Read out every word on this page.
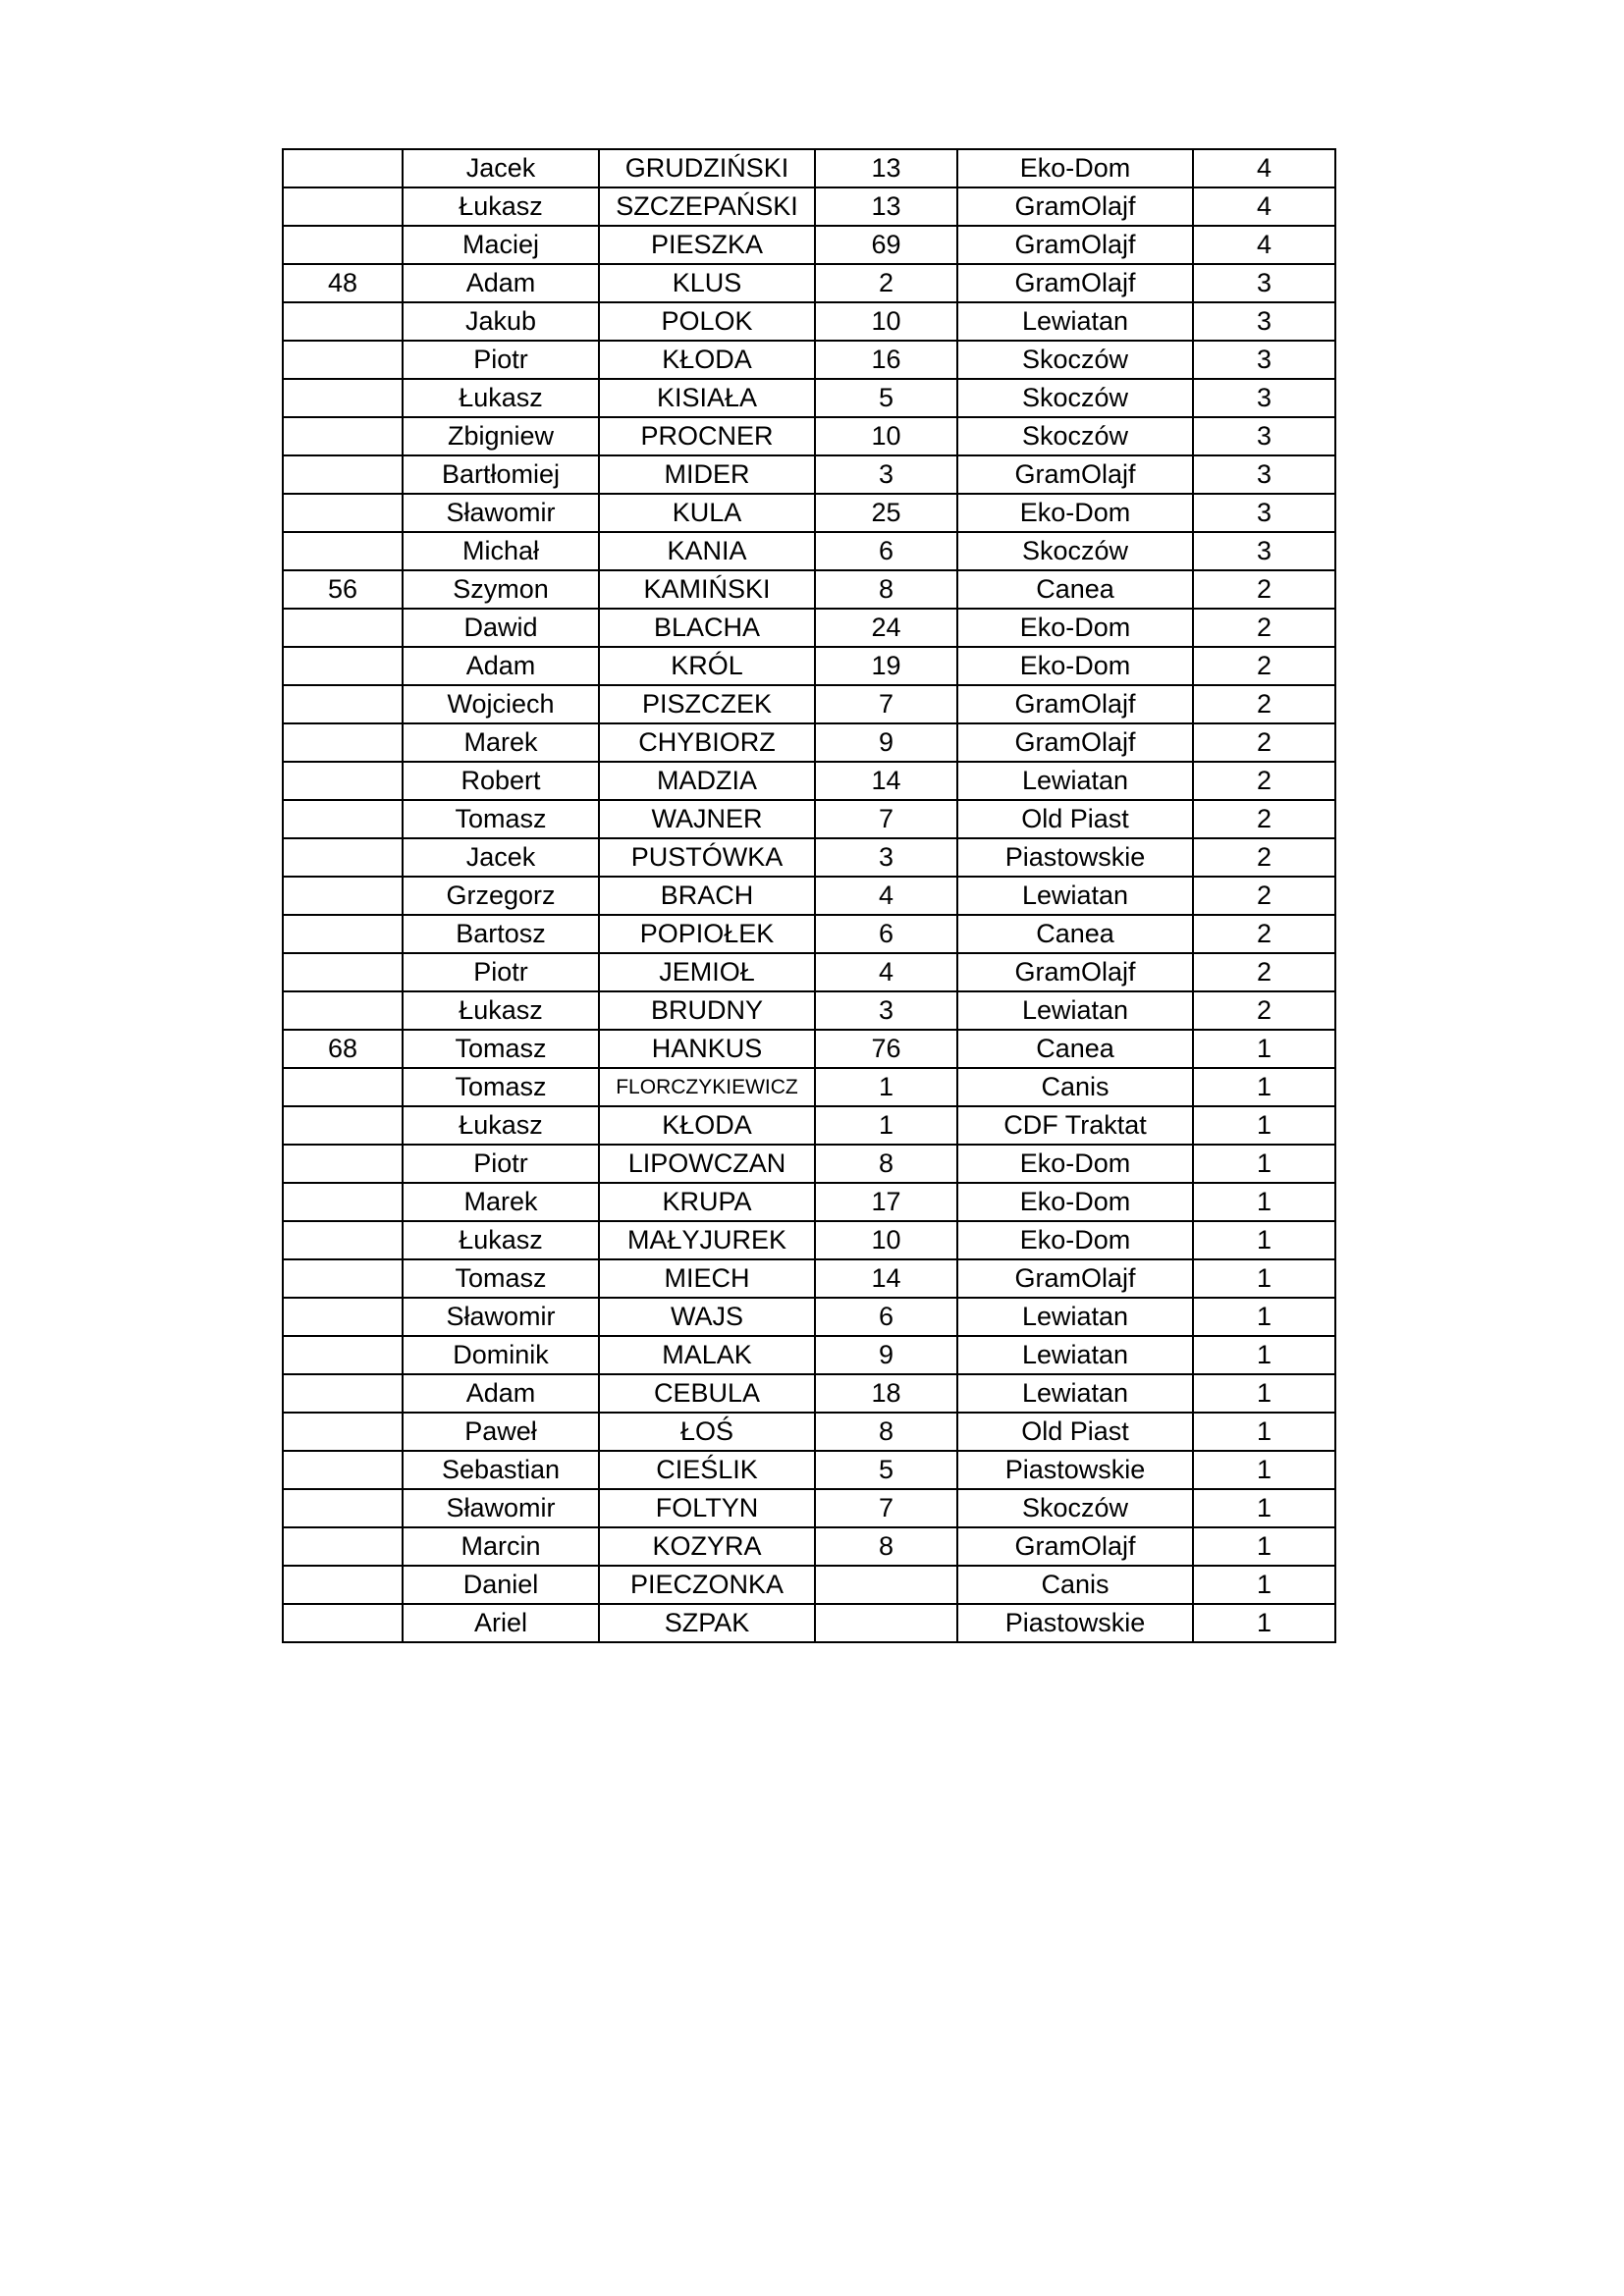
	Jacek	GRUDZIŃSKI	13	Eko-Dom	4
	Łukasz	SZCZEPAŃSKI	13	GramOlajf	4
	Maciej	PIESZKA	69	GramOlajf	4
48	Adam	KLUS	2	GramOlajf	3
	Jakub	POLOK	10	Lewiatan	3
	Piotr	KŁODA	16	Skoczów	3
	Łukasz	KISIAŁA	5	Skoczów	3
	Zbigniew	PROCNER	10	Skoczów	3
	Bartłomiej	MIDER	3	GramOlajf	3
	Sławomir	KULA	25	Eko-Dom	3
	Michał	KANIA	6	Skoczów	3
56	Szymon	KAMIŃSKI	8	Canea	2
	Dawid	BLACHA	24	Eko-Dom	2
	Adam	KRÓL	19	Eko-Dom	2
	Wojciech	PISZCZEK	7	GramOlajf	2
	Marek	CHYBIORZ	9	GramOlajf	2
	Robert	MADZIA	14	Lewiatan	2
	Tomasz	WAJNER	7	Old Piast	2
	Jacek	PUSTÓWKA	3	Piastowskie	2
	Grzegorz	BRACH	4	Lewiatan	2
	Bartosz	POPIOŁEK	6	Canea	2
	Piotr	JEMIOŁ	4	GramOlajf	2
	Łukasz	BRUDNY	3	Lewiatan	2
68	Tomasz	HANKUS	76	Canea	1
	Tomasz	FLORCZYKIEWICZ	1	Canis	1
	Łukasz	KŁODA	1	CDF Traktat	1
	Piotr	LIPOWCZAN	8	Eko-Dom	1
	Marek	KRUPA	17	Eko-Dom	1
	Łukasz	MAŁYJUREK	10	Eko-Dom	1
	Tomasz	MIECH	14	GramOlajf	1
	Sławomir	WAJS	6	Lewiatan	1
	Dominik	MALAK	9	Lewiatan	1
	Adam	CEBULA	18	Lewiatan	1
	Paweł	ŁOŚ	8	Old Piast	1
	Sebastian	CIEŚLIK	5	Piastowskie	1
	Sławomir	FOLTYN	7	Skoczów	1
	Marcin	KOZYRA	8	GramOlajf	1
	Daniel	PIECZONKA		Canis	1
	Ariel	SZPAK		Piastowskie	1
